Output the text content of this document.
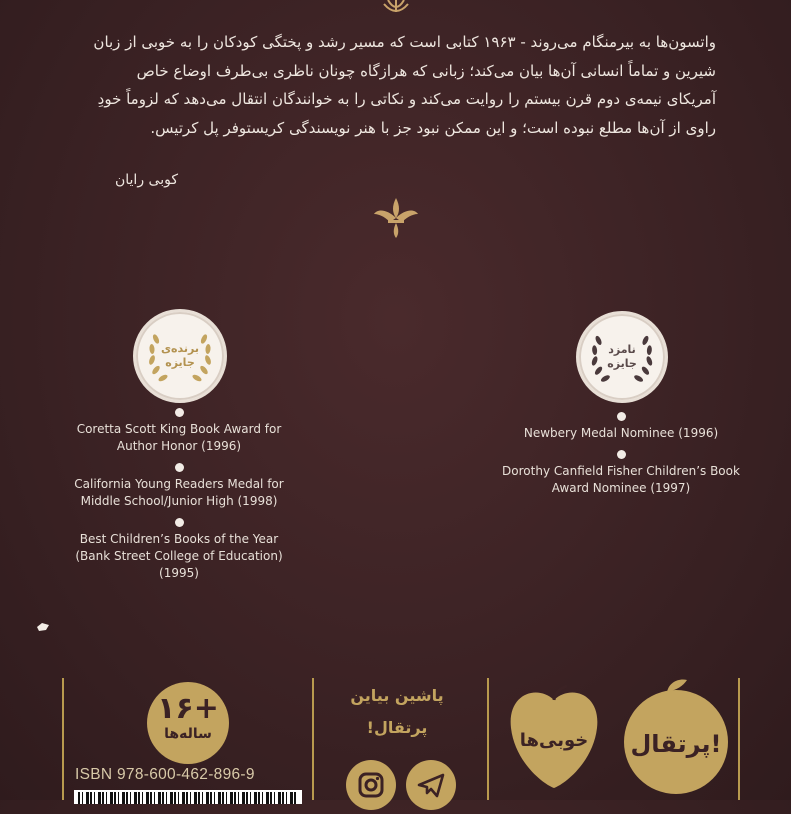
واتسون‌ها به بیرمنگام می‌روند - ۱۹۶۳ کتابی است که مسیر رشد و پختگی کودکان را به خوبی از زبان شیرین و تماماً انسانی آن‌ها بیان می‌کند؛ زبانی که هرازگاه چونان ناظری بی‌طرف اوضاع خاص آمریکای نیمه‌ی دوم قرن بیستم را روایت می‌کند و نکاتی را به خوانندگان انتقال می‌دهد که لزوماً خودِ راوی از آن‌ها مطلع نبوده است؛ و این ممکن نبود جز با هنر نویسندگی کریستوفر پل کرتیس.
کوبی رایان
برنده‌ی
جایزه
نامزد
جایزه
Coretta Scott King Book Award for Author Honor (1996)
California Young Readers Medal for Middle School/Junior High (1998)
Best Children’s Books of the Year (Bank Street College of Education) (1995)
Newbery Medal Nominee (1996)
Dorothy Canfield Fisher Children’s Book Award Nominee (1997)
+۱۶
ساله‌ها
ISBN 978-600-462-896-9
پاشین بیاین پرتقال!
خوبی‌ها پرتقال!
